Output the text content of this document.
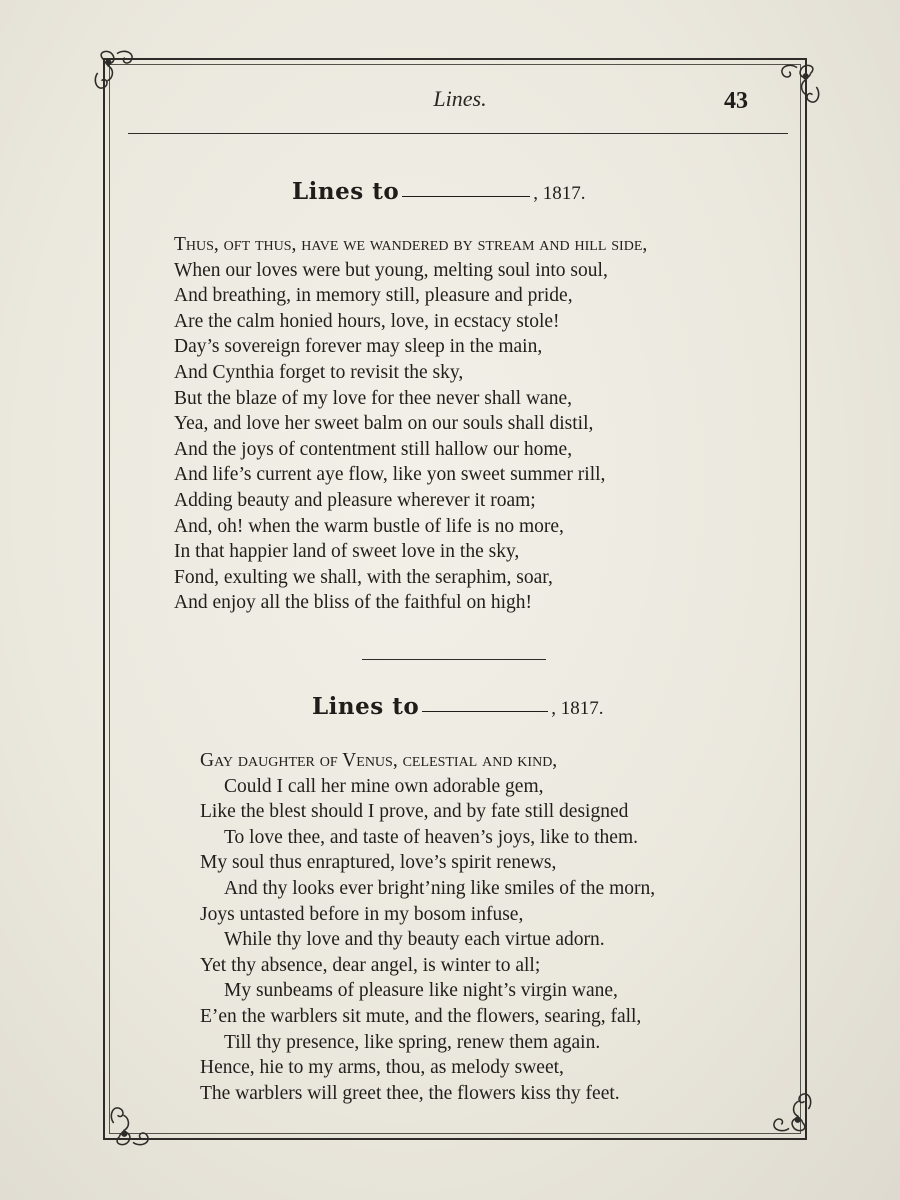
Lines.	43
Lines to	, 1817.
Thus, oft thus, have we wandered by stream and hill side,
When our loves were but young, melting soul into soul,
And breathing, in memory still, pleasure and pride,
Are the calm honied hours, love, in ecstacy stole!
Day’s sovereign forever may sleep in the main,
And Cynthia forget to revisit the sky,
But the blaze of my love for thee never shall wane,
Yea, and love her sweet balm on our souls shall distil,
And the joys of contentment still hallow our home,
And life’s current aye flow, like yon sweet summer rill,
Adding beauty and pleasure wherever it roam;
And, oh! when the warm bustle of life is no more,
In that happier land of sweet love in the sky,
Fond, exulting we shall, with the seraphim, soar,
And enjoy all the bliss of the faithful on high!
Lines to	, 1817.
Gay daughter of Venus, celestial and kind,
Could I call her mine own adorable gem,
Like the blest should I prove, and by fate still designed
To love thee, and taste of heaven’s joys, like to them.
My soul thus enraptured, love’s spirit renews,
And thy looks ever bright’ning like smiles of the morn,
Joys untasted before in my bosom infuse,
While thy love and thy beauty each virtue adorn.
Yet thy absence, dear angel, is winter to all;
My sunbeams of pleasure like night’s virgin wane,
E’en the warblers sit mute, and the flowers, searing, fall,
Till thy presence, like spring, renew them again.
Hence, hie to my arms, thou, as melody sweet,
The warblers will greet thee, the flowers kiss thy feet.
